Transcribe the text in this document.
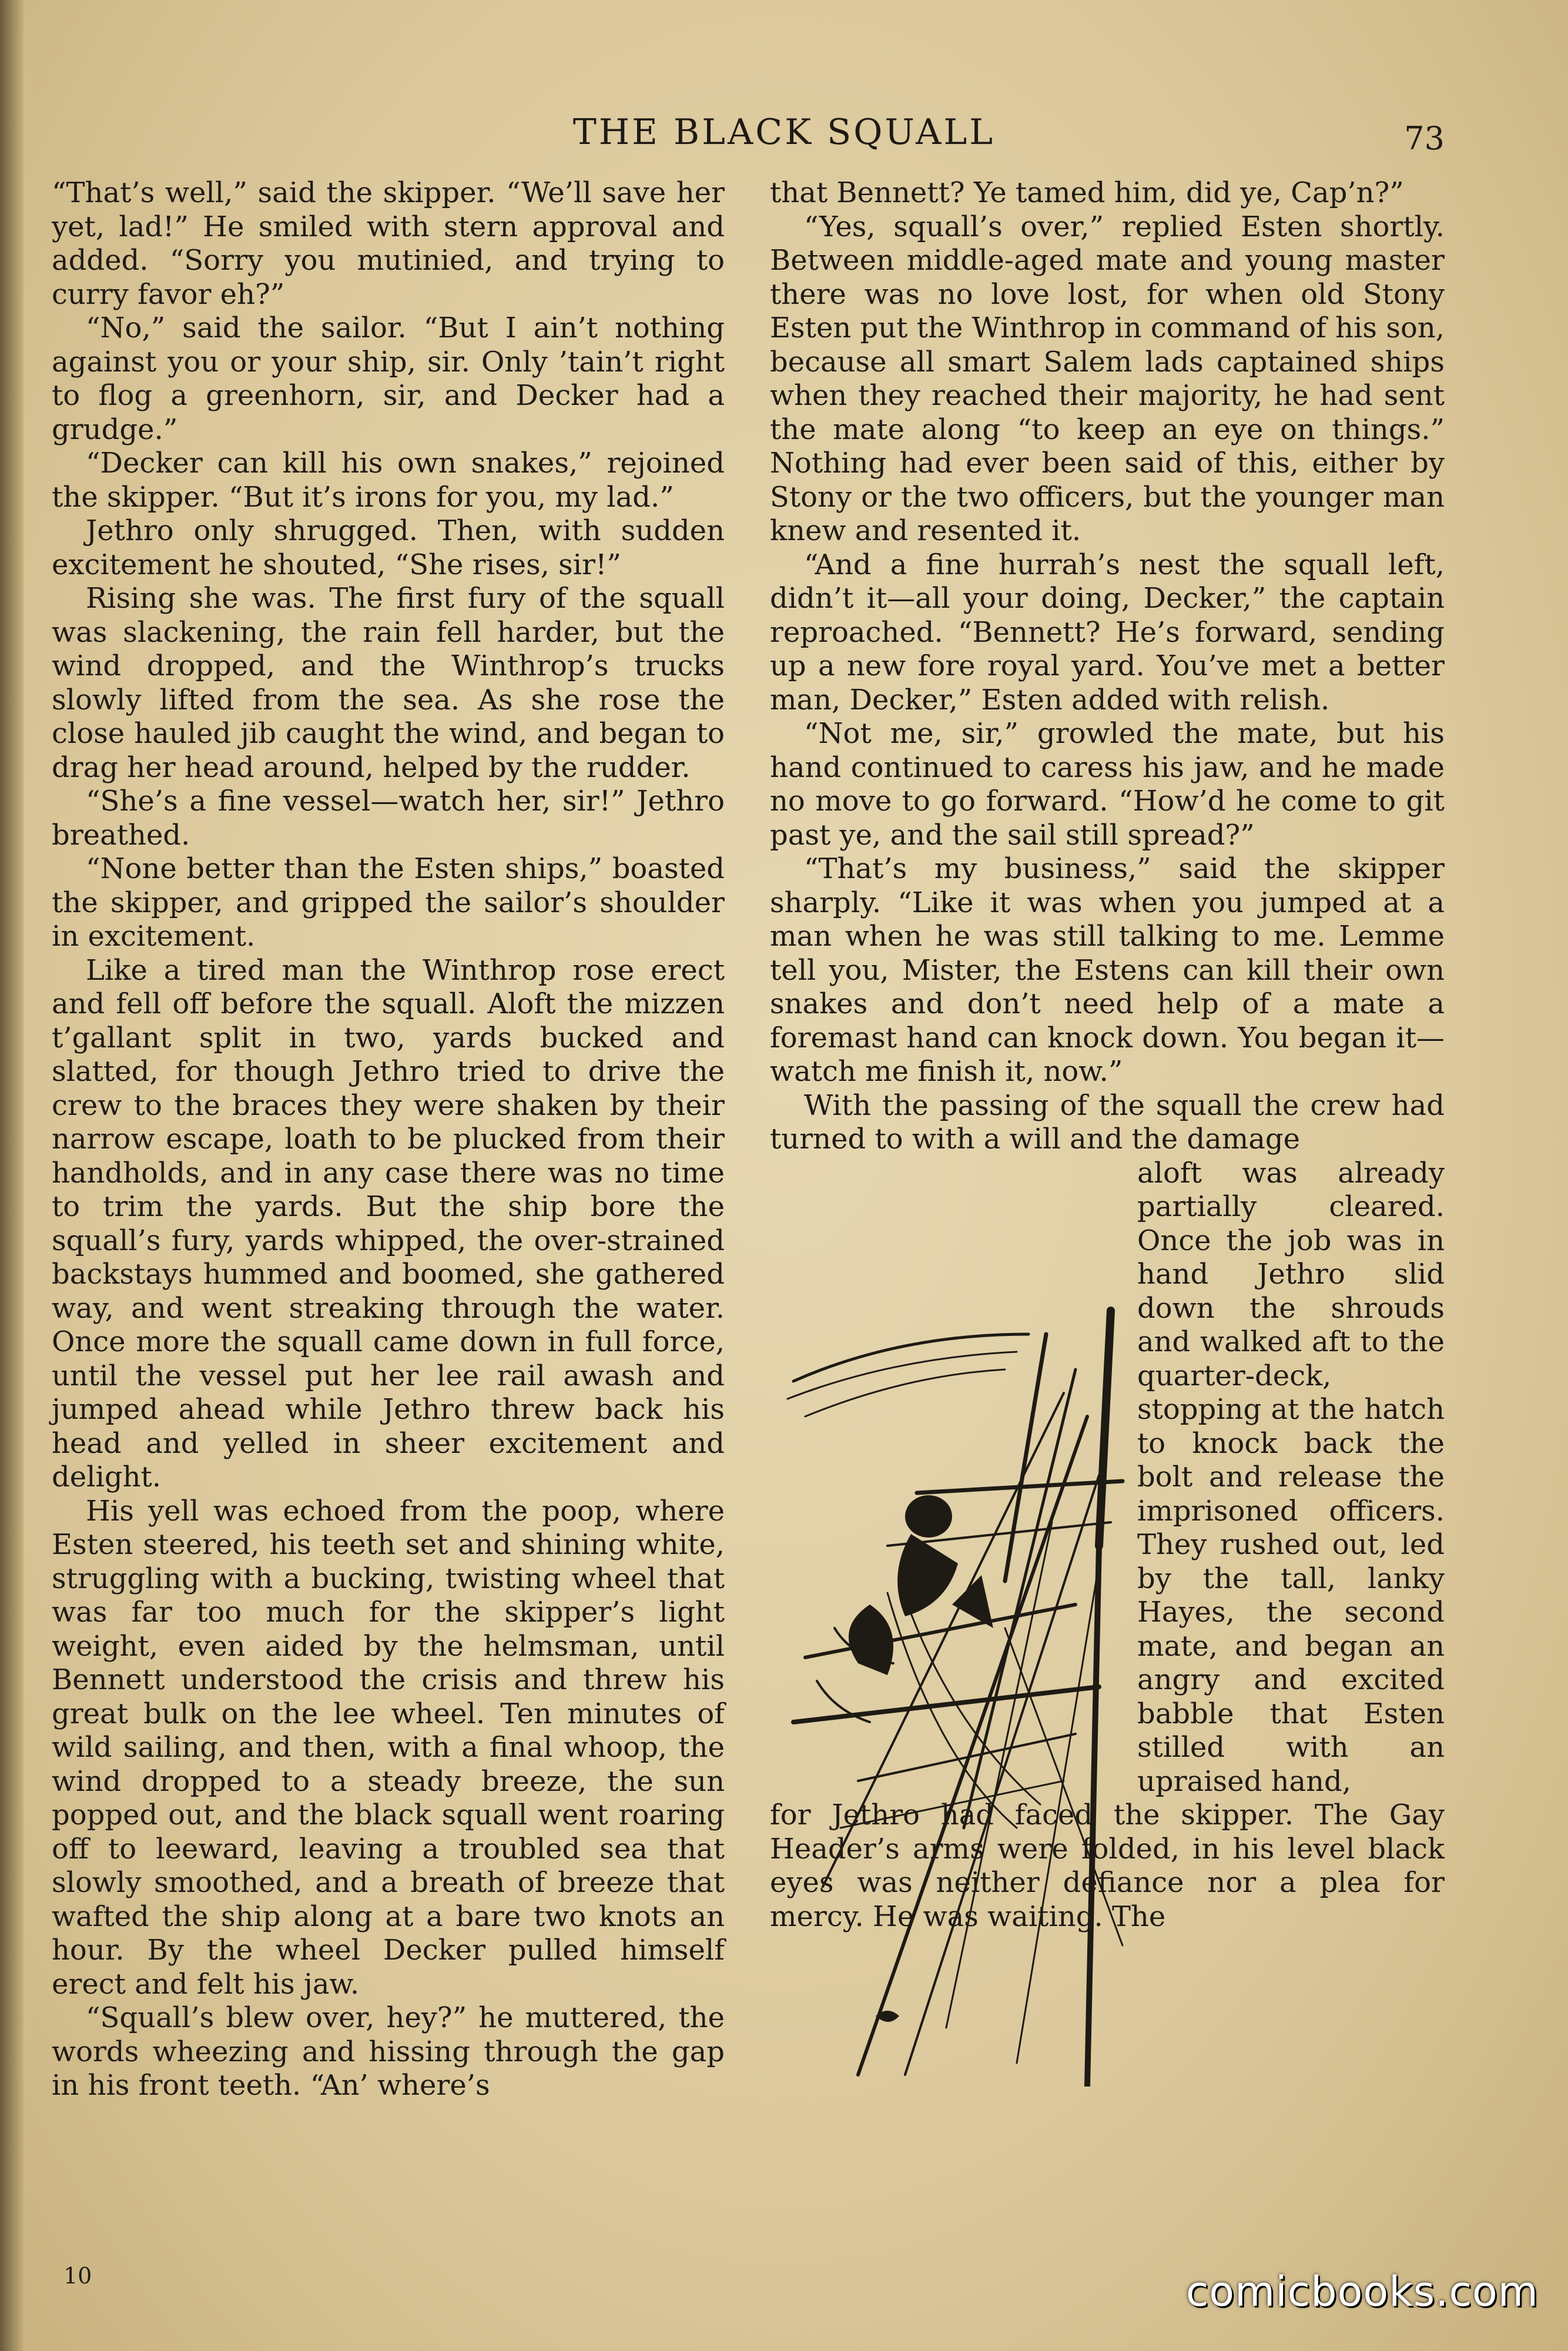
THE BLACK SQUALL	73

“That’s well,” said the skipper. “We’ll save her yet, lad!” He smiled with stern approval and added. “Sorry you mutinied, and trying to curry favor eh?”

“No,” said the sailor. “But I ain’t nothing against you or your ship, sir. Only ’tain’t right to flog a greenhorn, sir, and Decker had a grudge.”

“Decker can kill his own snakes,” rejoined the skipper. “But it’s irons for you, my lad.”

Jethro only shrugged. Then, with sudden excitement he shouted, “She rises, sir!”

Rising she was. The first fury of the squall was slackening, the rain fell harder, but the wind dropped, and the Winthrop’s trucks slowly lifted from the sea. As she rose the close hauled jib caught the wind, and began to drag her head around, helped by the rudder.

“She’s a fine vessel—watch her, sir!” Jethro breathed.

“None better than the Esten ships,” boasted the skipper, and gripped the sailor’s shoulder in excitement.

Like a tired man the Winthrop rose erect and fell off before the squall. Aloft the mizzen t’gallant split in two, yards bucked and slatted, for though Jethro tried to drive the crew to the braces they were shaken by their narrow escape, loath to be plucked from their handholds, and in any case there was no time to trim the yards. But the ship bore the squall’s fury, yards whipped, the over-strained backstays hummed and boomed, she gathered way, and went streaking through the water. Once more the squall came down in full force, until the vessel put her lee rail awash and jumped ahead while Jethro threw back his head and yelled in sheer excitement and delight.

His yell was echoed from the poop, where Esten steered, his teeth set and shining white, struggling with a bucking, twisting wheel that was far too much for the skipper’s light weight, even aided by the helmsman, until Bennett understood the crisis and threw his great bulk on the lee wheel. Ten minutes of wild sailing, and then, with a final whoop, the wind dropped to a steady breeze, the sun popped out, and the black squall went roaring off to leeward, leaving a troubled sea that slowly smoothed, and a breath of breeze that wafted the ship along at a bare two knots an hour. By the wheel Decker pulled himself erect and felt his jaw.

“Squall’s blew over, hey?” he muttered, the words wheezing and hissing through the gap in his front teeth. “An’ where’s

that Bennett? Ye tamed him, did ye, Cap’n?”

“Yes, squall’s over,” replied Esten shortly. Between middle-aged mate and young master there was no love lost, for when old Stony Esten put the Winthrop in command of his son, because all smart Salem lads captained ships when they reached their majority, he had sent the mate along “to keep an eye on things.” Nothing had ever been said of this, either by Stony or the two officers, but the younger man knew and resented it.

“And a fine hurrah’s nest the squall left, didn’t it—all your doing, Decker,” the captain reproached. “Bennett? He’s forward, sending up a new fore royal yard. You’ve met a better man, Decker,” Esten added with relish.

“Not me, sir,” growled the mate, but his hand continued to caress his jaw, and he made no move to go forward. “How’d he come to git past ye, and the sail still spread?”

“That’s my business,” said the skipper sharply. “Like it was when you jumped at a man when he was still talking to me. Lemme tell you, Mister, the Estens can kill their own snakes and don’t need help of a mate a foremast hand can knock down. You began it—watch me finish it, now.”

With the passing of the squall the crew had turned to with a will and the damage

aloft was already partially cleared. Once the job was in hand Jethro slid down the shrouds and walked aft to the quarter-deck, stopping at the hatch to knock back the bolt and release the imprisoned officers. They rushed out, led by the tall, lanky Hayes, the second mate, and began an angry and excited babble that Esten stilled with an upraised hand,

for Jethro had faced the skipper. The Gay Header’s arms were folded, in his level black eyes was neither defiance nor a plea for mercy. He was waiting. The

10	comicbooks.com
